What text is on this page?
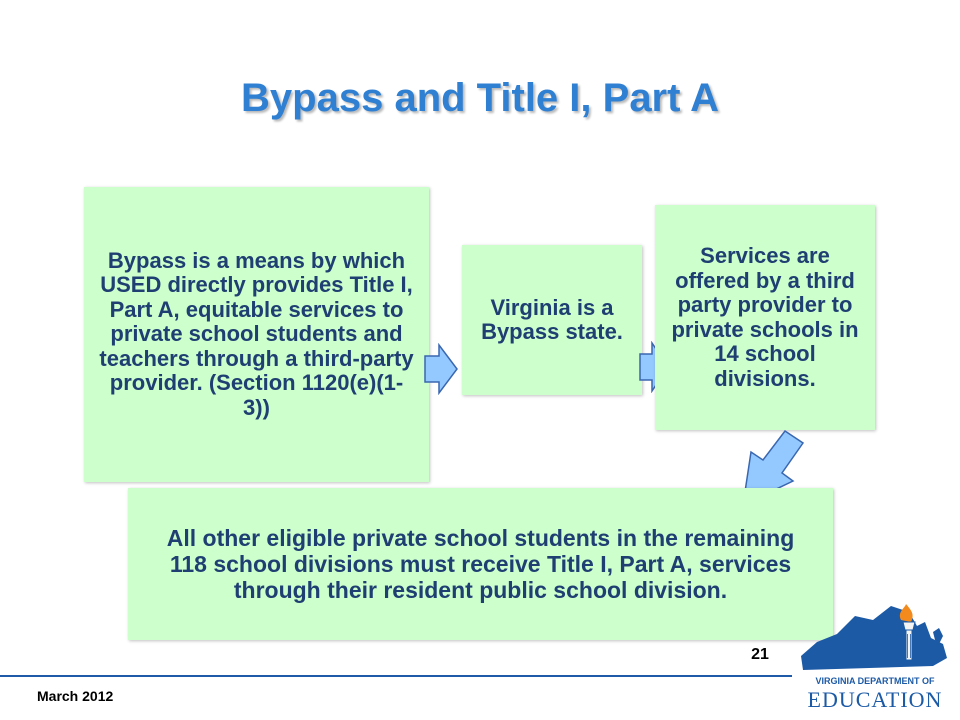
Bypass and Title I, Part A
Bypass is a means by which USED directly provides Title I, Part A, equitable services to private school students and teachers through a third-party provider. (Section 1120(e)(1-3))
Virginia is a Bypass state.
Services are offered by a third party provider to private schools in 14 school divisions.
All other eligible private school students in the remaining 118 school divisions must receive Title I, Part A, services through their resident public school division.
21
March 2012
VIRGINIA DEPARTMENT OF
EDUCATION
